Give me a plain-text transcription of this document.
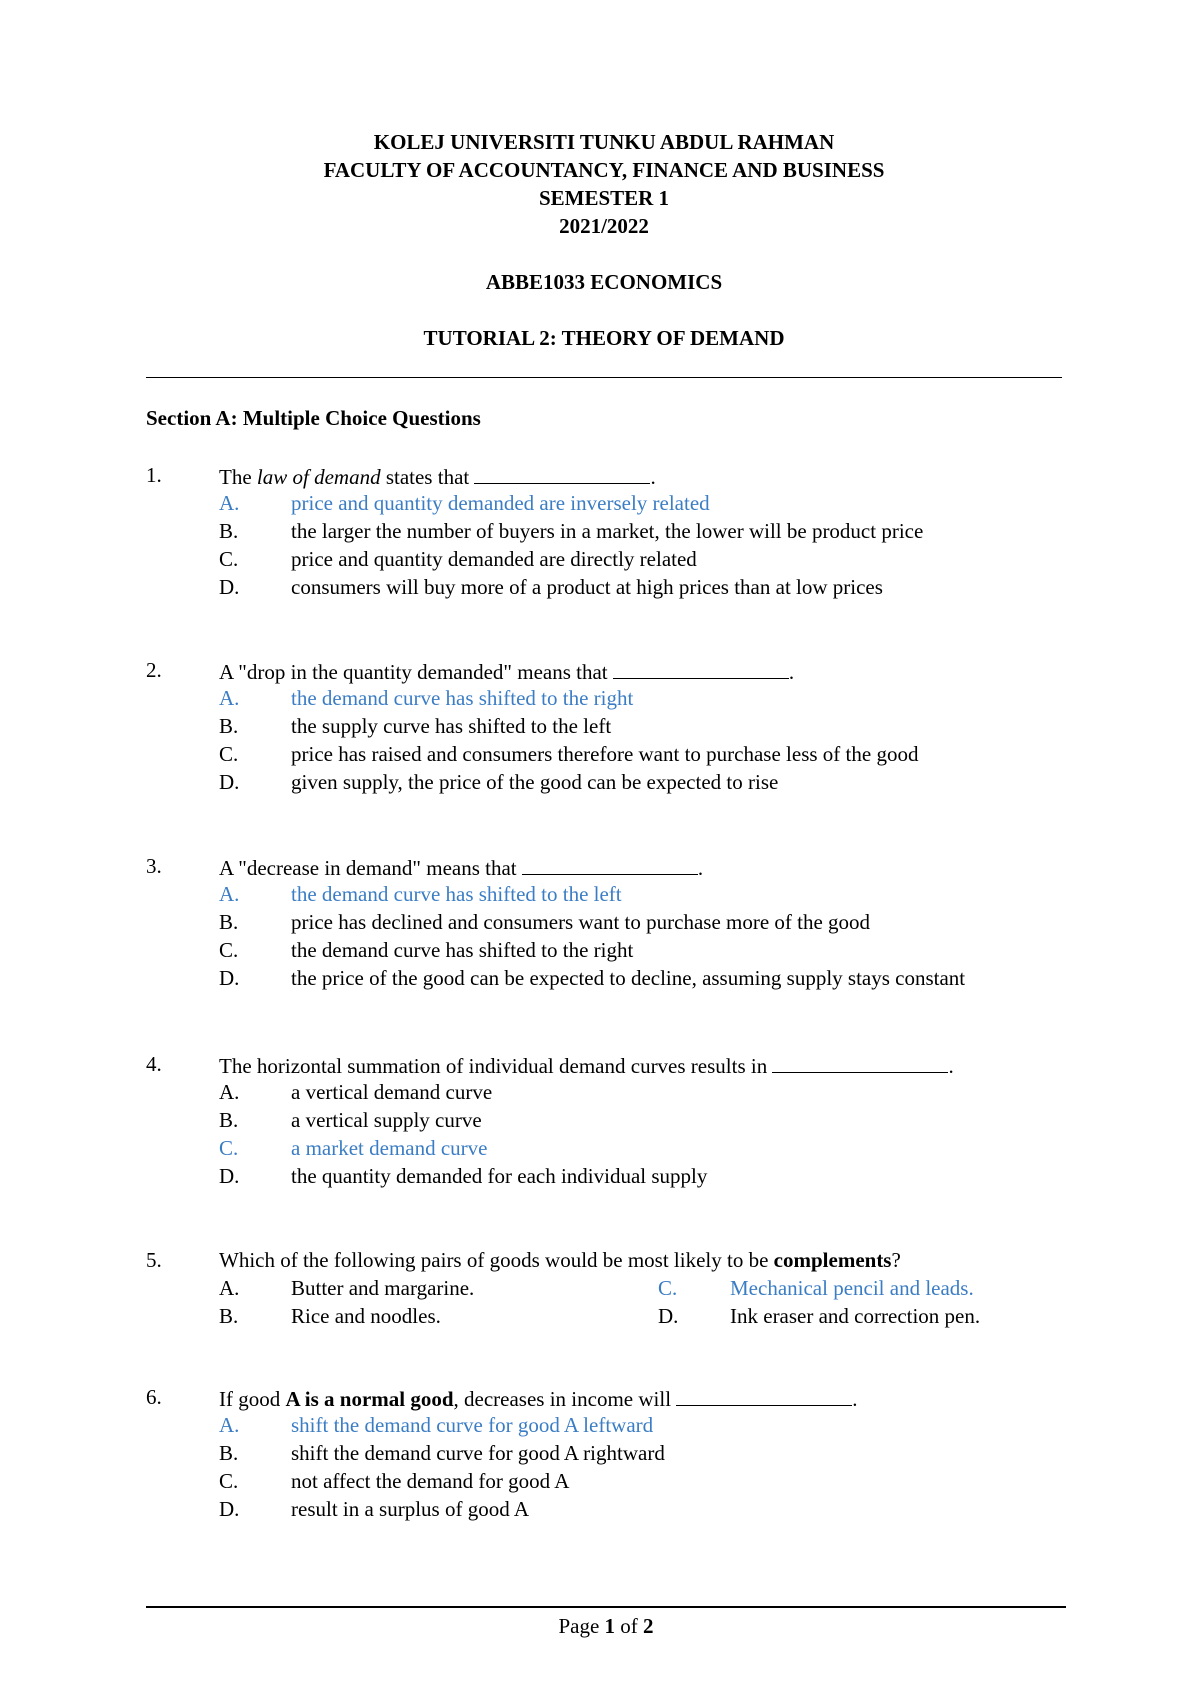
KOLEJ UNIVERSITI TUNKU ABDUL RAHMAN
FACULTY OF ACCOUNTANCY, FINANCE AND BUSINESS
SEMESTER 1
2021/2022
ABBE1033 ECONOMICS
TUTORIAL 2: THEORY OF DEMAND
Section A: Multiple Choice Questions
1.	The law of demand states that	.
A. price and quantity demanded are inversely related
B.	the larger the number of buyers in a market, the lower will be product price
C.	price and quantity demanded are directly related
D. consumers will buy more of a product at high prices than at low prices
2.	A "drop in the quantity demanded" means that	.
A. the demand curve has shifted to the right
B.	the supply curve has shifted to the left
C.	price has raised and consumers therefore want to purchase less of the good
D. given supply, the price of the good can be expected to rise
3.	A "decrease in demand" means that	.
A. the demand curve has shifted to the left
B.	price has declined and consumers want to purchase more of the good
C.	the demand curve has shifted to the right
D. the price of the good can be expected to decline, assuming supply stays constant
4.	The horizontal summation of individual demand curves results in	.
A. a vertical demand curve
B.	a vertical supply curve
C.	a market demand curve
D. the quantity demanded for each individual supply
5.	Which of the following pairs of goods would be most likely to be complements?
A. Butter and margarine.	C.	Mechanical pencil and leads.
B.	Rice and noodles.	D. Ink eraser and correction pen.
6.	If good A is a normal good, decreases in income will	.
A. shift the demand curve for good A leftward
B.	shift the demand curve for good A rightward
C.	not affect the demand for good A
D. result in a surplus of good A
Page 1 of 2
